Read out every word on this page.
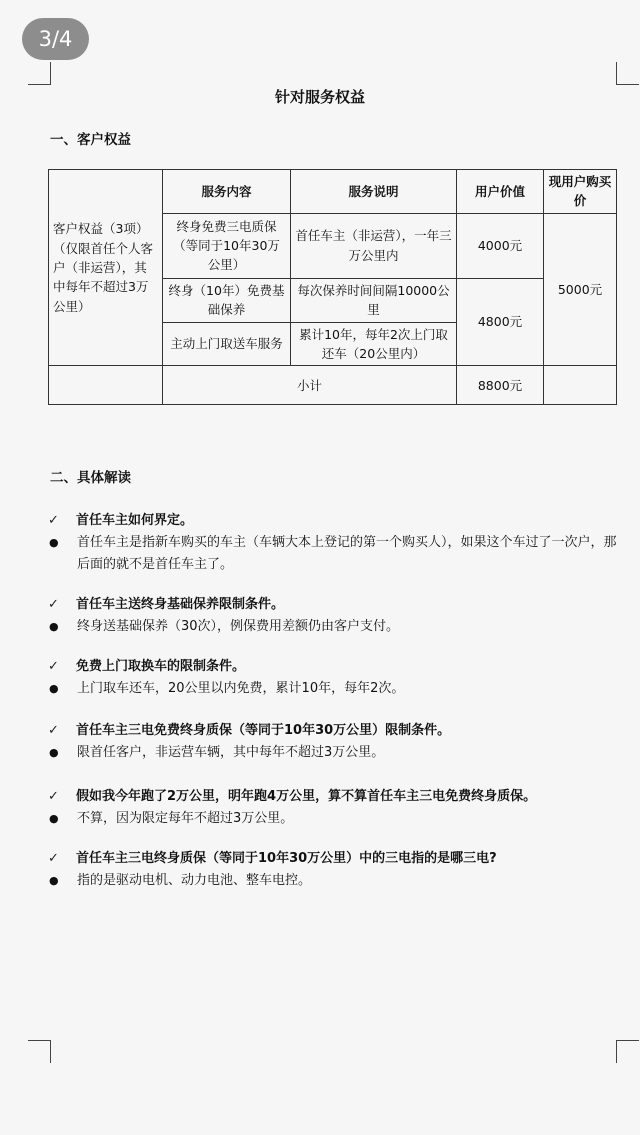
3/4
针对服务权益
一、客户权益
客户权益（3项）（仅限首任个人客户（非运营），其中每年不超过3万公里）	服务内容	服务说明	用户价值	现用户购买价
	终身免费三电质保（等同于10年30万公里）	首任车主（非运营），一年三万公里内	4000元	5000元
	终身（10年）免费基础保养	每次保养时间间隔10000公里	4800元	
	主动上门取送车服务	累计10年，每年2次上门取还车（20公里内）		
	小计		8800元	
二、具体解读
✓	首任车主如何界定。
●	首任车主是指新车购买的车主（车辆大本上登记的第一个购买人），如果这个车过了一次户，那后面的就不是首任车主了。
✓	首任车主送终身基础保养限制条件。
●	终身送基础保养（30次），例保费用差额仍由客户支付。
✓	免费上门取换车的限制条件。
●	上门取车还车，20公里以内免费，累计10年，每年2次。
✓	首任车主三电免费终身质保（等同于10年30万公里）限制条件。
●	限首任客户，非运营车辆，其中每年不超过3万公里。
✓	假如我今年跑了2万公里，明年跑4万公里，算不算首任车主三电免费终身质保。
●	不算，因为限定每年不超过3万公里。
✓	首任车主三电终身质保（等同于10年30万公里）中的三电指的是哪三电?
●	指的是驱动电机、动力电池、整车电控。
